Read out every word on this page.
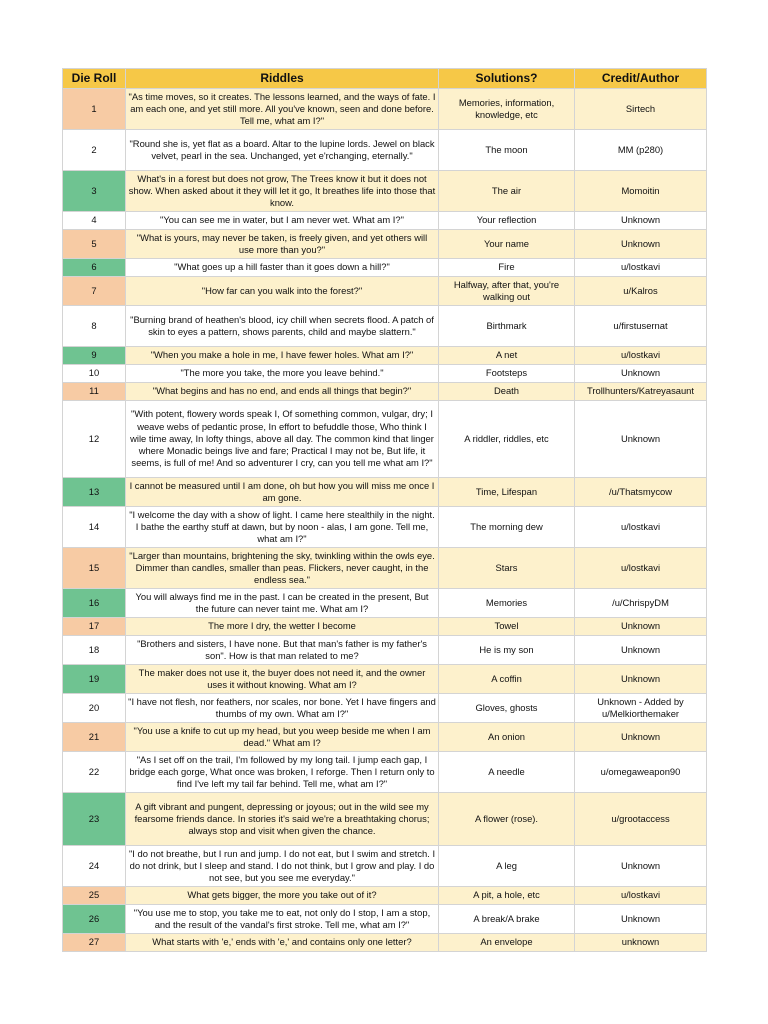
Die Roll	Riddles	Solutions?	Credit/Author
1	"As time moves, so it creates. The lessons learned, and the ways of fate. I am each one, and yet still more. All you've known, seen and done before. Tell me, what am I?"	Memories, information, knowledge, etc	Sirtech
2	"Round she is, yet flat as a board. Altar to the lupine lords. Jewel on black velvet, pearl in the sea. Unchanged, yet e'rchanging, eternally."	The moon	MM (p280)
3	What's in a forest but does not grow, The Trees know it but it does not show. When asked about it they will let it go, It breathes life into those that know.	The air	Momoitin
4	"You can see me in water, but I am never wet. What am I?"	Your reflection	Unknown
5	"What is yours, may never be taken, is freely given, and yet others will use more than you?"	Your name	Unknown
6	"What goes up a hill faster than it goes down a hill?"	Fire	u/lostkavi
7	"How far can you walk into the forest?"	Halfway, after that, you're walking out	u/Kalros
8	"Burning brand of heathen's blood, icy chill when secrets flood. A patch of skin to eyes a pattern, shows parents, child and maybe slattern."	Birthmark	u/firstusernat
9	"When you make a hole in me, I have fewer holes. What am I?"	A net	u/lostkavi
10	"The more you take, the more you leave behind."	Footsteps	Unknown
11	"What begins and has no end, and ends all things that begin?"	Death	Trollhunters/Katreyasaunt
12	"With potent, flowery words speak I, Of something common, vulgar, dry; I weave webs of pedantic prose, In effort to befuddle those, Who think I wile time away, In lofty things, above all day. The common kind that linger where Monadic beings live and fare; Practical I may not be, But life, it seems, is full of me! And so adventurer I cry, can you tell me what am I?"	A riddler, riddles, etc	Unknown
13	I cannot be measured until I am done, oh but how you will miss me once I am gone.	Time, Lifespan	/u/Thatsmycow
14	"I welcome the day with a show of light. I came here stealthily in the night. I bathe the earthy stuff at dawn, but by noon - alas, I am gone. Tell me, what am I?"	The morning dew	u/lostkavi
15	"Larger than mountains, brightening the sky, twinkling within the owls eye. Dimmer than candles, smaller than peas. Flickers, never caught, in the endless sea."	Stars	u/lostkavi
16	You will always find me in the past. I can be created in the present, But the future can never taint me. What am I?	Memories	/u/ChrispyDM
17	The more I dry, the wetter I become	Towel	Unknown
18	"Brothers and sisters, I have none. But that man's father is my father's son". How is that man related to me?	He is my son	Unknown
19	The maker does not use it, the buyer does not need it, and the owner uses it without knowing. What am I?	A coffin	Unknown
20	"I have not flesh, nor feathers, nor scales, nor bone. Yet I have fingers and thumbs of my own. What am I?"	Gloves, ghosts	Unknown - Added by u/Melkiorthemaker
21	"You use a knife to cut up my head, but you weep beside me when I am dead." What am I?	An onion	Unknown
22	"As I set off on the trail, I'm followed by my long tail. I jump each gap, I bridge each gorge, What once was broken, I reforge. Then I return only to find I've left my tail far behind. Tell me, what am I?"	A needle	u/omegaweapon90
23	A gift vibrant and pungent, depressing or joyous; out in the wild see my fearsome friends dance. In stories it's said we're a breathtaking chorus; always stop and visit when given the chance.	A flower (rose).	u/grootaccess
24	"I do not breathe, but I run and jump. I do not eat, but I swim and stretch. I do not drink, but I sleep and stand. I do not think, but I grow and play. I do not see, but you see me everyday."	A leg	Unknown
25	What gets bigger, the more you take out of it?	A pit, a hole, etc	u/lostkavi
26	"You use me to stop, you take me to eat, not only do I stop, I am a stop, and the result of the vandal's first stroke. Tell me, what am I?"	A break/A brake	Unknown
27	What starts with 'e,' ends with 'e,' and contains only one letter?	An envelope	unknown
